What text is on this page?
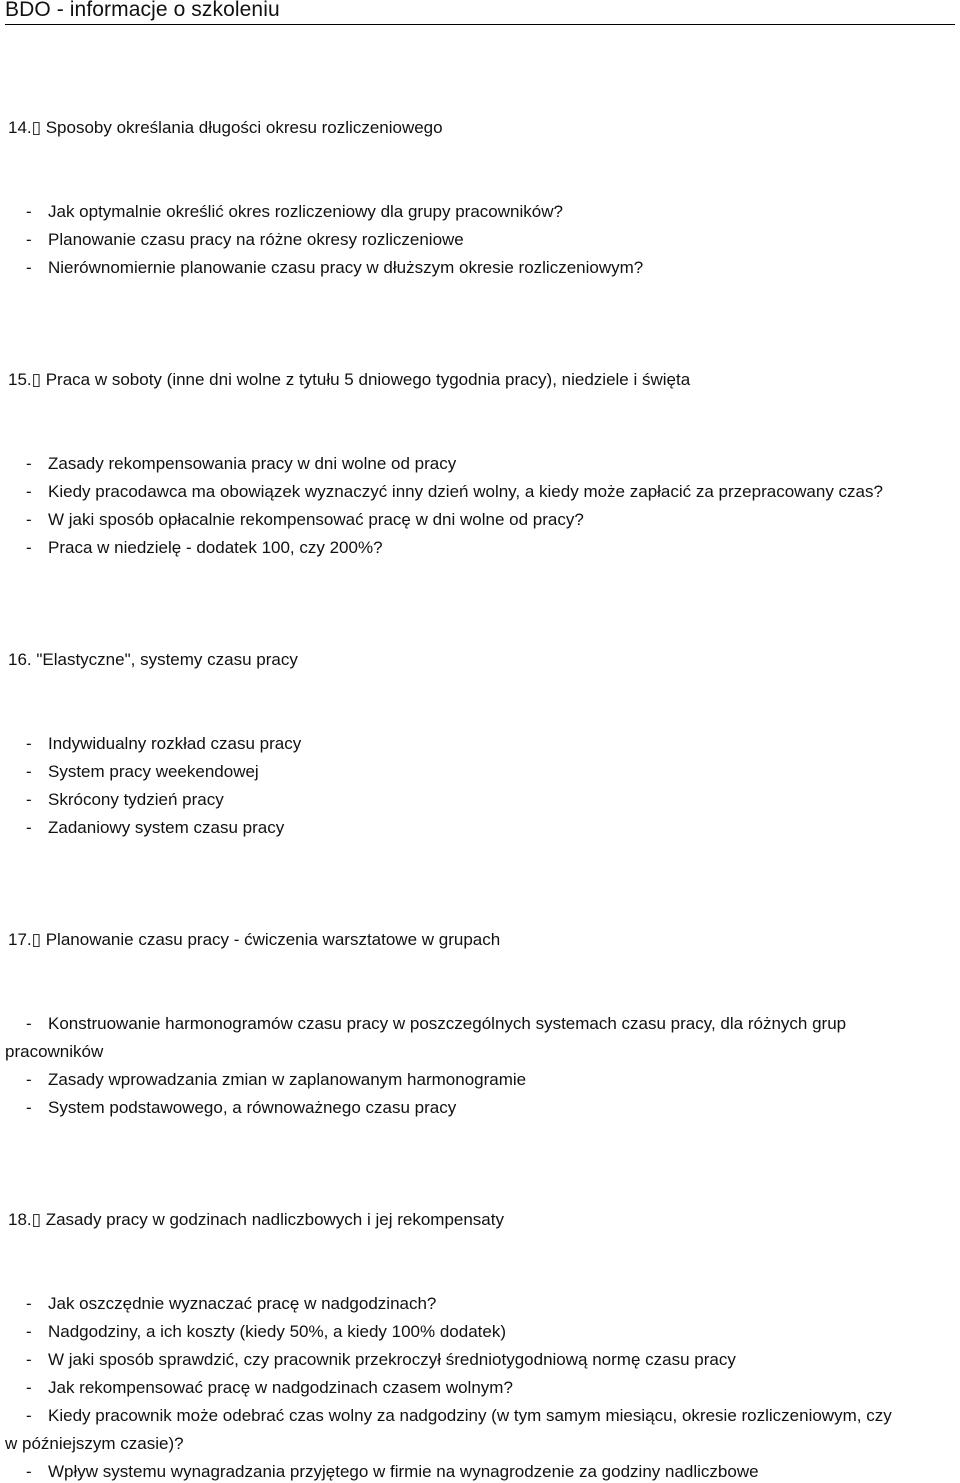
BDO - informacje o szkoleniu
14.▯ Sposoby określania długości okresu rozliczeniowego
- Jak optymalnie określić okres rozliczeniowy dla grupy pracowników?
- Planowanie czasu pracy na różne okresy rozliczeniowe
- Nierównomiernie planowanie czasu pracy w dłuższym okresie rozliczeniowym?
15.▯ Praca w soboty (inne dni wolne z tytułu 5 dniowego tygodnia pracy), niedziele i święta
- Zasady rekompensowania pracy w dni wolne od pracy
- Kiedy pracodawca ma obowiązek wyznaczyć inny dzień wolny, a kiedy może zapłacić za przepracowany czas?
- W jaki sposób opłacalnie rekompensować pracę w dni wolne od pracy?
- Praca w niedzielę - dodatek 100, czy 200%?
16. "Elastyczne", systemy czasu pracy
- Indywidualny rozkład czasu pracy
- System pracy weekendowej
- Skrócony tydzień pracy
- Zadaniowy system czasu pracy
17.▯ Planowanie czasu pracy - ćwiczenia warsztatowe w grupach
- Konstruowanie harmonogramów czasu pracy w poszczególnych systemach czasu pracy, dla różnych grup
pracowników
- Zasady wprowadzania zmian w zaplanowanym harmonogramie
- System podstawowego, a równoważnego czasu pracy
18.▯ Zasady pracy w godzinach nadliczbowych i jej rekompensaty
- Jak oszczędnie wyznaczać pracę w nadgodzinach?
- Nadgodziny, a ich koszty (kiedy 50%, a kiedy 100% dodatek)
- W jaki sposób sprawdzić, czy pracownik przekroczył średniotygodniową normę czasu pracy
- Jak rekompensować pracę w nadgodzinach czasem wolnym?
- Kiedy pracownik może odebrać czas wolny za nadgodziny (w tym samym miesiącu, okresie rozliczeniowym, czy
w późniejszym czasie)?
- Wpływ systemu wynagradzania przyjętego w firmie na wynagrodzenie za godziny nadliczbowe
